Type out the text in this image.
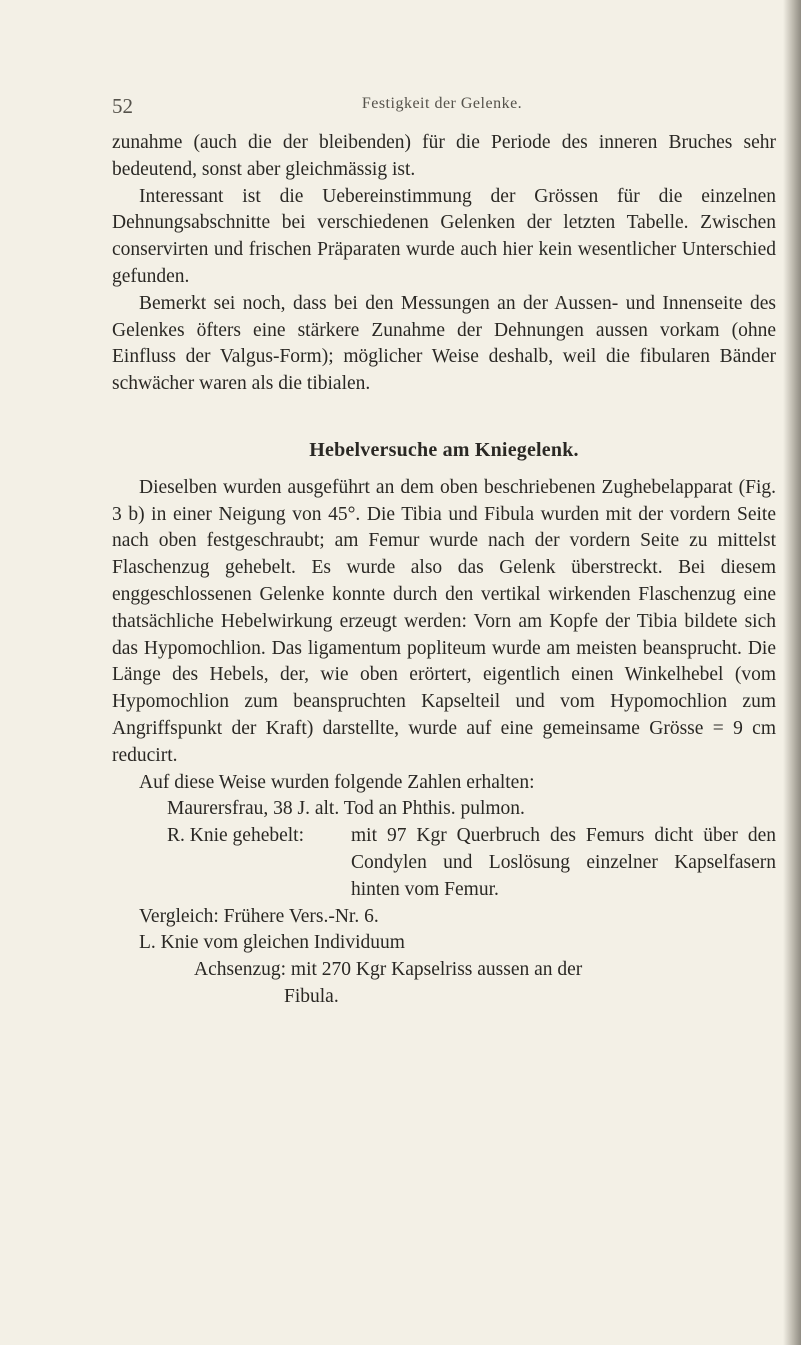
52	Festigkeit der Gelenke.

zunahme (auch die der bleibenden) für die Periode des inneren Bruches sehr bedeutend, sonst aber gleichmässig ist.

Interessant ist die Uebereinstimmung der Grössen für die einzelnen Dehnungsabschnitte bei verschiedenen Gelenken der letzten Tabelle. Zwischen conservirten und frischen Präparaten wurde auch hier kein wesentlicher Unterschied gefunden.

Bemerkt sei noch, dass bei den Messungen an der Aussen- und Innenseite des Gelenkes öfters eine stärkere Zunahme der Dehnungen aussen vorkam (ohne Einfluss der Valgus-Form); möglicher Weise deshalb, weil die fibularen Bänder schwächer waren als die tibialen.

Hebelversuche am Kniegelenk.

Dieselben wurden ausgeführt an dem oben beschriebenen Zughebelapparat (Fig. 3 b) in einer Neigung von 45°. Die Tibia und Fibula wurden mit der vordern Seite nach oben festgeschraubt; am Femur wurde nach der vordern Seite zu mittelst Flaschenzug gehebelt. Es wurde also das Gelenk überstreckt. Bei diesem enggeschlossenen Gelenke konnte durch den vertikal wirkenden Flaschenzug eine thatsächliche Hebelwirkung erzeugt werden: Vorn am Kopfe der Tibia bildete sich das Hypomochlion. Das ligamentum popliteum wurde am meisten beansprucht. Die Länge des Hebels, der, wie oben erörtert, eigentlich einen Winkelhebel (vom Hypomochlion zum beanspruchten Kapselteil und vom Hypomochlion zum Angriffspunkt der Kraft) darstellte, wurde auf eine gemeinsame Grösse = 9 cm reducirt.

Auf diese Weise wurden folgende Zahlen erhalten:

Maurersfrau, 38 J. alt. Tod an Phthis. pulmon.
R. Knie gehebelt:	mit 97 Kgr Querbruch des Femurs dicht über den Condylen und Loslösung einzelner Kapselfasern hinten vom Femur.
Vergleich: Frühere Vers.-Nr. 6.
L. Knie vom gleichen Individuum
Achsenzug: mit 270 Kgr Kapselriss aussen an der
Fibula.
